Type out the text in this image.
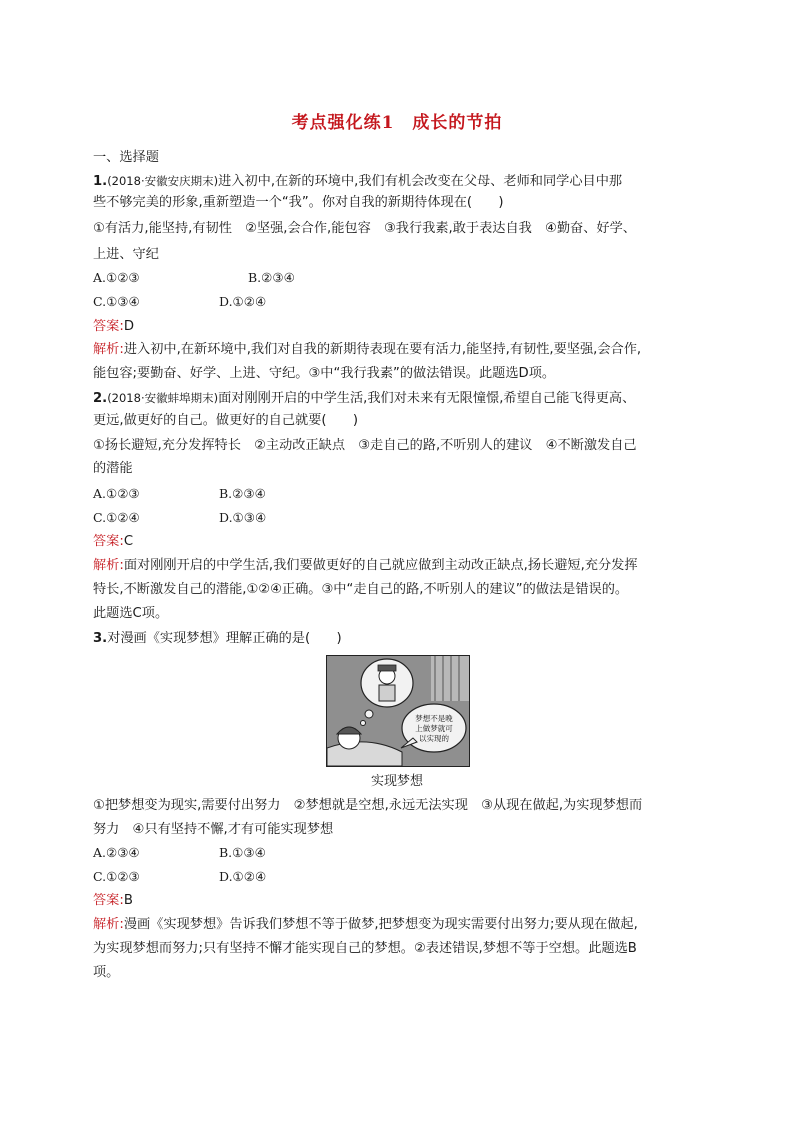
考点强化练1　成长的节拍
一、选择题
1.(2018·安徽安庆期末)进入初中,在新的环境中,我们有机会改变在父母、老师和同学心目中那
些不够完美的形象,重新塑造一个“我”。你对自我的新期待体现在(　　)
①有活力,能坚持,有韧性　②坚强,会合作,能包容　③我行我素,敢于表达自我　④勤奋、好学、
上进、守纪
A.①②③	B.②③④
C.①③④	D.①②④
答案:D
解析:进入初中,在新环境中,我们对自我的新期待表现在要有活力,能坚持,有韧性,要坚强,会合作,
能包容;要勤奋、好学、上进、守纪。③中“我行我素”的做法错误。此题选D项。
2.(2018·安徽蚌埠期末)面对刚刚开启的中学生活,我们对未来有无限憧憬,希望自己能飞得更高、
更远,做更好的自己。做更好的自己就要(　　)
①扬长避短,充分发挥特长　②主动改正缺点　③走自己的路,不听别人的建议　④不断激发自己
的潜能
A.①②③	B.②③④
C.①②④	D.①③④
答案:C
解析:面对刚刚开启的中学生活,我们要做更好的自己就应做到主动改正缺点,扬长避短,充分发挥
特长,不断激发自己的潜能,①②④正确。③中“走自己的路,不听别人的建议”的做法是错误的。
此题选C项。
3.对漫画《实现梦想》理解正确的是(　　)
梦想不是晚
上做梦就可
以实现的
实现梦想
①把梦想变为现实,需要付出努力　②梦想就是空想,永远无法实现　③从现在做起,为实现梦想而
努力　④只有坚持不懈,才有可能实现梦想
A.②③④	B.①③④
C.①②③	D.①②④
答案:B
解析:漫画《实现梦想》告诉我们梦想不等于做梦,把梦想变为现实需要付出努力;要从现在做起,
为实现梦想而努力;只有坚持不懈才能实现自己的梦想。②表述错误,梦想不等于空想。此题选B
项。
